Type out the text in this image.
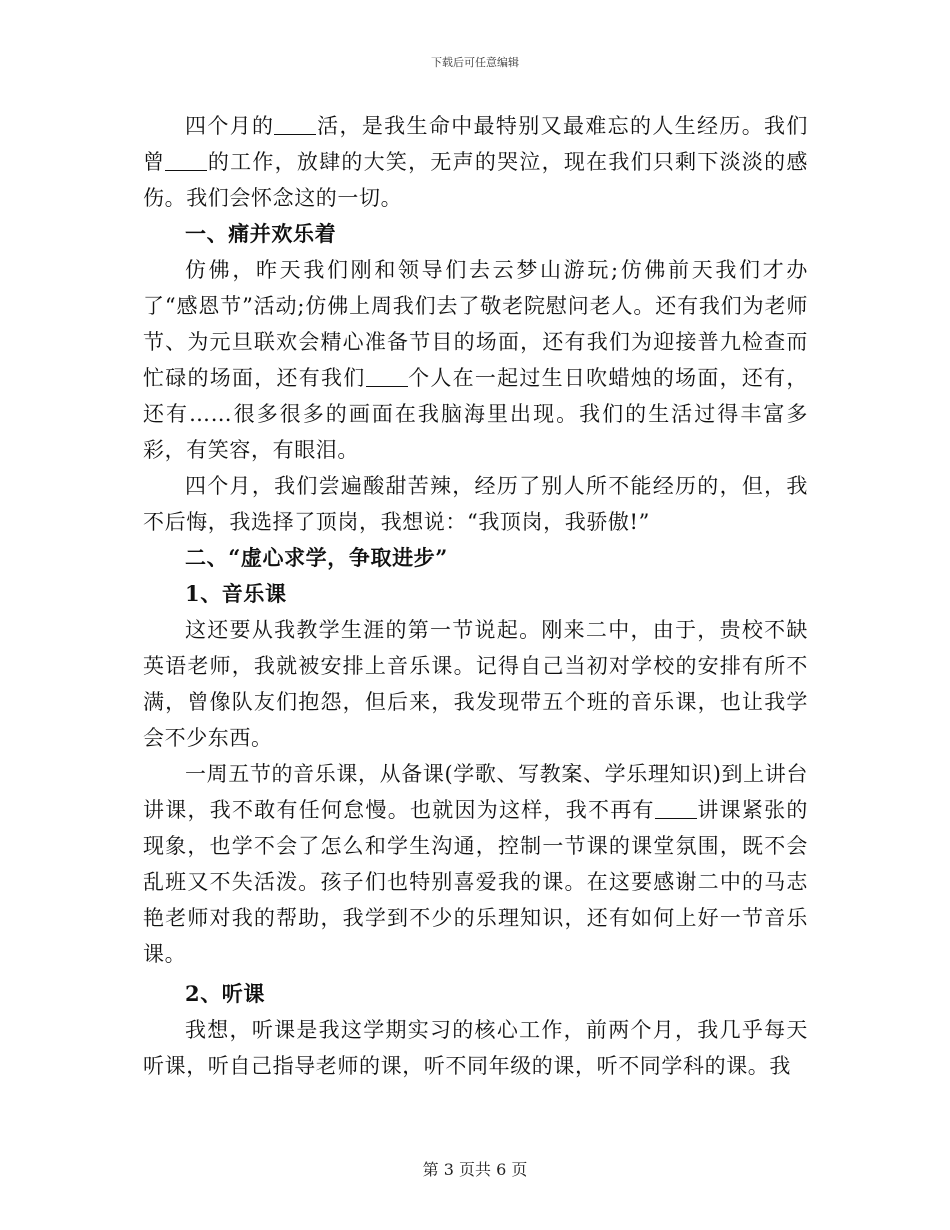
下载后可任意编辑

四个月的 活，是我生命中最特别又最难忘的人生经历。我们曾 的工作，放肆的大笑，无声的哭泣，现在我们只剩下淡淡的感伤。我们会怀念这的一切。

一、痛并欢乐着

仿佛，昨天我们刚和领导们去云梦山游玩;仿佛前天我们才办了“感恩节”活动;仿佛上周我们去了敬老院慰问老人。还有我们为老师节、为元旦联欢会精心准备节目的场面，还有我们为迎接普九检查而忙碌的场面，还有我们 个人在一起过生日吹蜡烛的场面，还有，还有……很多很多的画面在我脑海里出现。我们的生活过得丰富多彩，有笑容，有眼泪。

四个月，我们尝遍酸甜苦辣，经历了别人所不能经历的，但，我不后悔，我选择了顶岗，我想说：“我顶岗，我骄傲!”

二、“虚心求学，争取进步”

1、音乐课

这还要从我教学生涯的第一节说起。刚来二中，由于，贵校不缺英语老师，我就被安排上音乐课。记得自己当初对学校的安排有所不满，曾像队友们抱怨，但后来，我发现带五个班的音乐课，也让我学会不少东西。

一周五节的音乐课，从备课(学歌、写教案、学乐理知识)到上讲台讲课，我不敢有任何怠慢。也就因为这样，我不再有 讲课紧张的现象，也学不会了怎么和学生沟通，控制一节课的课堂氛围，既不会乱班又不失活泼。孩子们也特别喜爱我的课。在这要感谢二中的马志艳老师对我的帮助，我学到不少的乐理知识，还有如何上好一节音乐课。

2、听课

我想，听课是我这学期实习的核心工作，前两个月，我几乎每天听课，听自己指导老师的课，听不同年级的课，听不同学科的课。我

第 3 页共 6 页
